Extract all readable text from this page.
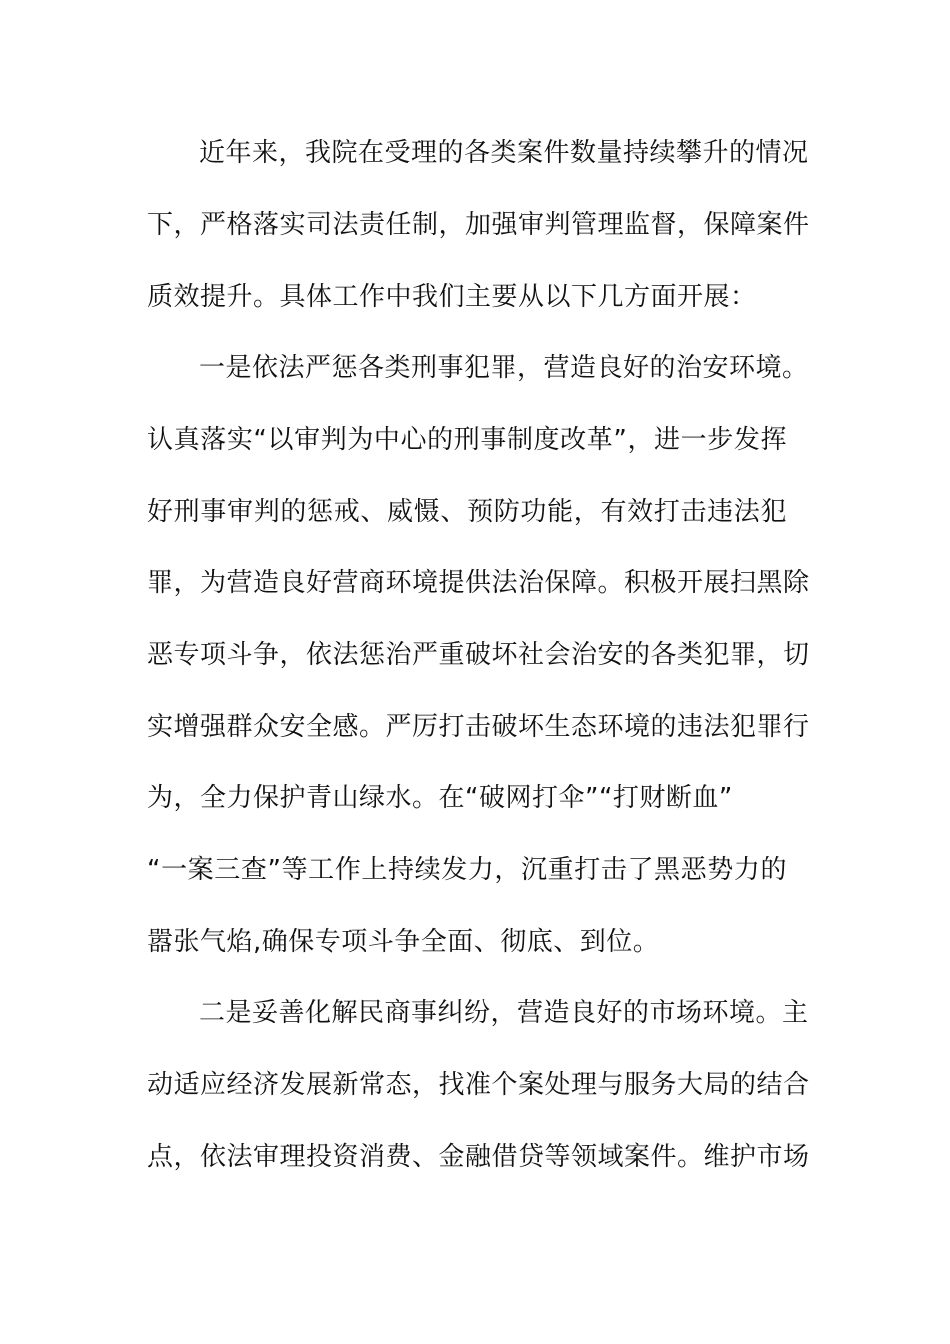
近年来，我院在受理的各类案件数量持续攀升的情况
下，严格落实司法责任制，加强审判管理监督，保障案件
质效提升。具体工作中我们主要从以下几方面开展：
一是依法严惩各类刑事犯罪，营造良好的治安环境。
认真落实“以审判为中心的刑事制度改革”，进一步发挥
好刑事审判的惩戒、威慑、预防功能，有效打击违法犯
罪，为营造良好营商环境提供法治保障。积极开展扫黑除
恶专项斗争，依法惩治严重破坏社会治安的各类犯罪，切
实增强群众安全感。严厉打击破坏生态环境的违法犯罪行
为，全力保护青山绿水。在“破网打伞”“打财断血”
“一案三查”等工作上持续发力，沉重打击了黑恶势力的
嚣张气焰,确保专项斗争全面、彻底、到位。
二是妥善化解民商事纠纷，营造良好的市场环境。主
动适应经济发展新常态，找准个案处理与服务大局的结合
点，依法审理投资消费、金融借贷等领域案件。维护市场
